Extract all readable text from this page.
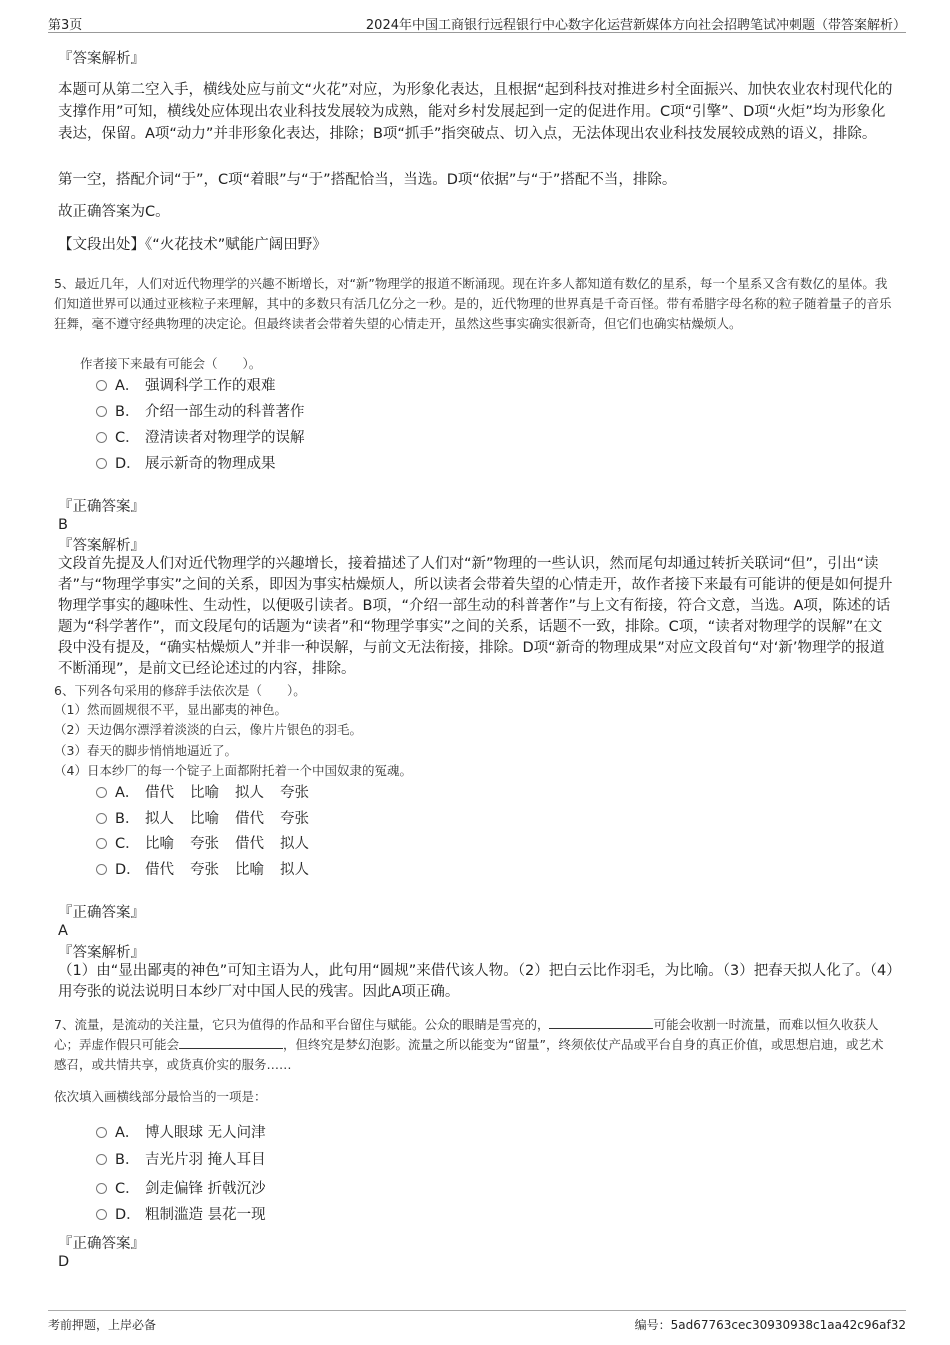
第3页	2024年中国工商银行远程银行中心数字化运营新媒体方向社会招聘笔试冲刺题（带答案解析）
『答案解析』
本题可从第二空入手，横线处应与前文“火花”对应，为形象化表达，且根据“起到科技对推进乡村全面振兴、加快农业农村现代化的支撑作用”可知，横线处应体现出农业科技发展较为成熟，能对乡村发展起到一定的促进作用。C项“引擎”、D项“火炬”均为形象化表达，保留。A项“动力”并非形象化表达，排除；B项“抓手”指突破点、切入点，无法体现出农业科技发展较成熟的语义，排除。
第一空，搭配介词“于”，C项“着眼”与“于”搭配恰当，当选。D项“依据”与“于”搭配不当，排除。
故正确答案为C。
【文段出处】《“火花技术”赋能广阔田野》
5、最近几年，人们对近代物理学的兴趣不断增长，对“新”物理学的报道不断涌现。现在许多人都知道有数亿的星系，每一个星系又含有数亿的星体。我们知道世界可以通过亚核粒子来理解，其中的多数只有活几亿分之一秒。是的，近代物理的世界真是千奇百怪。带有希腊字母名称的粒子随着量子的音乐狂舞，毫不遵守经典物理的决定论。但最终读者会带着失望的心情走开，虽然这些事实确实很新奇，但它们也确实枯燥烦人。
作者接下来最有可能会（　　）。
A． 强调科学工作的艰难
B． 介绍一部生动的科普著作
C． 澄清读者对物理学的误解
D． 展示新奇的物理成果
『正确答案』
B
『答案解析』
文段首先提及人们对近代物理学的兴趣增长，接着描述了人们对“新”物理的一些认识，然而尾句却通过转折关联词“但”，引出“读者”与“物理学事实”之间的关系，即因为事实枯燥烦人，所以读者会带着失望的心情走开，故作者接下来最有可能讲的便是如何提升物理学事实的趣味性、生动性，以便吸引读者。B项，“介绍一部生动的科普著作”与上文有衔接，符合文意，当选。A项，陈述的话题为“科学著作”，而文段尾句的话题为“读者”和“物理学事实”之间的关系，话题不一致，排除。C项，“读者对物理学的误解”在文段中没有提及，“确实枯燥烦人”并非一种误解，与前文无法衔接，排除。D项“新奇的物理成果”对应文段首句“对‘新’物理学的报道不断涌现”，是前文已经论述过的内容，排除。
6、下列各句采用的修辞手法依次是（　　）。
（1）然而圆规很不平，显出鄙夷的神色。
（2）天边偶尔漂浮着淡淡的白云，像片片银色的羽毛。
（3）春天的脚步悄悄地逼近了。
（4）日本纱厂的每一个锭子上面都附托着一个中国奴隶的冤魂。
A． 借代 比喻 拟人 夸张
B． 拟人 比喻 借代 夸张
C． 比喻 夸张 借代 拟人
D． 借代 夸张 比喻 拟人
『正确答案』
A
『答案解析』
（1）由“显出鄙夷的神色”可知主语为人，此句用“圆规”来借代该人物。（2）把白云比作羽毛，为比喻。（3）把春天拟人化了。（4）用夸张的说法说明日本纱厂对中国人民的残害。因此A项正确。
7、流量，是流动的关注量，它只为值得的作品和平台留住与赋能。公众的眼睛是雪亮的，	可能会收割一时流量，而难以恒久收获人心；弄虚作假只可能会	，但终究是梦幻泡影。流量之所以能变为“留量”，终须依仗产品或平台自身的真正价值，或思想启迪，或艺术感召，或共情共享，或货真价实的服务……
依次填入画横线部分最恰当的一项是：
A． 博人眼球 无人问津
B． 吉光片羽 掩人耳目
C． 剑走偏锋 折戟沉沙
D． 粗制滥造 昙花一现
『正确答案』
D
考前押题，上岸必备	编号：5ad67763cec30930938c1aa42c96af32
